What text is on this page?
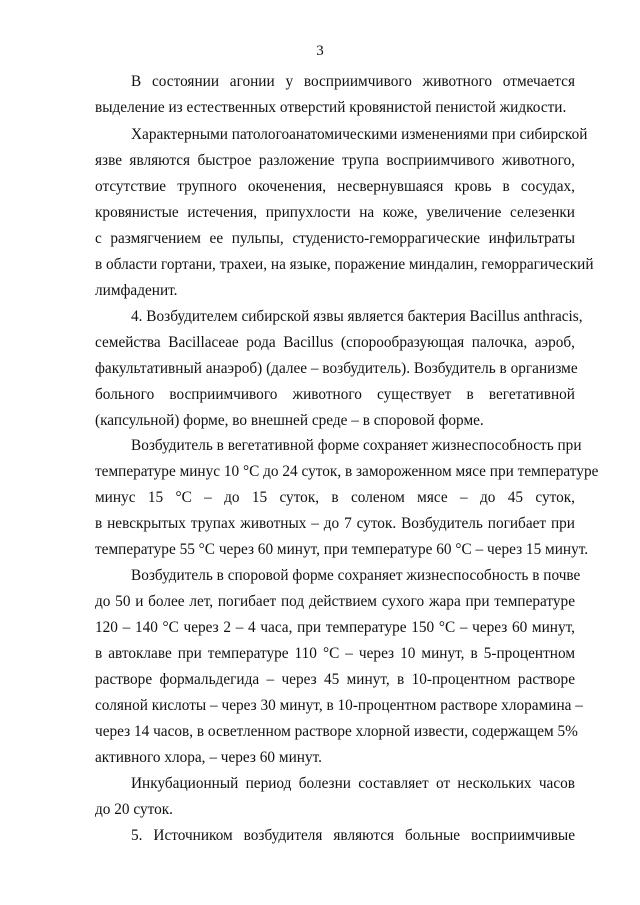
3

В состоянии агонии у восприимчивого животного отмечается
выделение из естественных отверстий кровянистой пенистой жидкости.

Характерными патологоанатомическими изменениями при сибирской
язве являются быстрое разложение трупа восприимчивого животного,
отсутствие трупного окоченения, несвернувшаяся кровь в сосудах,
кровянистые истечения, припухлости на коже, увеличение селезенки
с размягчением ее пульпы, студенисто-геморрагические инфильтраты
в области гортани, трахеи, на языке, поражение миндалин, геморрагический
лимфаденит.

4. Возбудителем сибирской язвы является бактерия Bacillus anthracis,
семейства Bacillaceae рода Bacillus (спорообразующая палочка, аэроб,
факультативный анаэроб) (далее – возбудитель). Возбудитель в организме
больного восприимчивого животного существует в вегетативной
(капсульной) форме, во внешней среде – в споровой форме.

Возбудитель в вегетативной форме сохраняет жизнеспособность при
температуре минус 10 °С до 24 суток, в замороженном мясе при температуре
минус 15 °С – до 15 суток, в соленом мясе – до 45 суток,
в невскрытых трупах животных – до 7 суток. Возбудитель погибает при
температуре 55 °С через 60 минут, при температуре 60 °С – через 15 минут.

Возбудитель в споровой форме сохраняет жизнеспособность в почве
до 50 и более лет, погибает под действием сухого жара при температуре
120 – 140 °С через 2 – 4 часа, при температуре 150 °С – через 60 минут,
в автоклаве при температуре 110 °С – через 10 минут, в 5-процентном
растворе формальдегида – через 45 минут, в 10-процентном растворе
соляной кислоты – через 30 минут, в 10-процентном растворе хлорамина –
через 14 часов, в осветленном растворе хлорной извести, содержащем 5%
активного хлора, – через 60 минут.

Инкубационный период болезни составляет от нескольких часов
до 20 суток.

5. Источником возбудителя являются больные восприимчивые
